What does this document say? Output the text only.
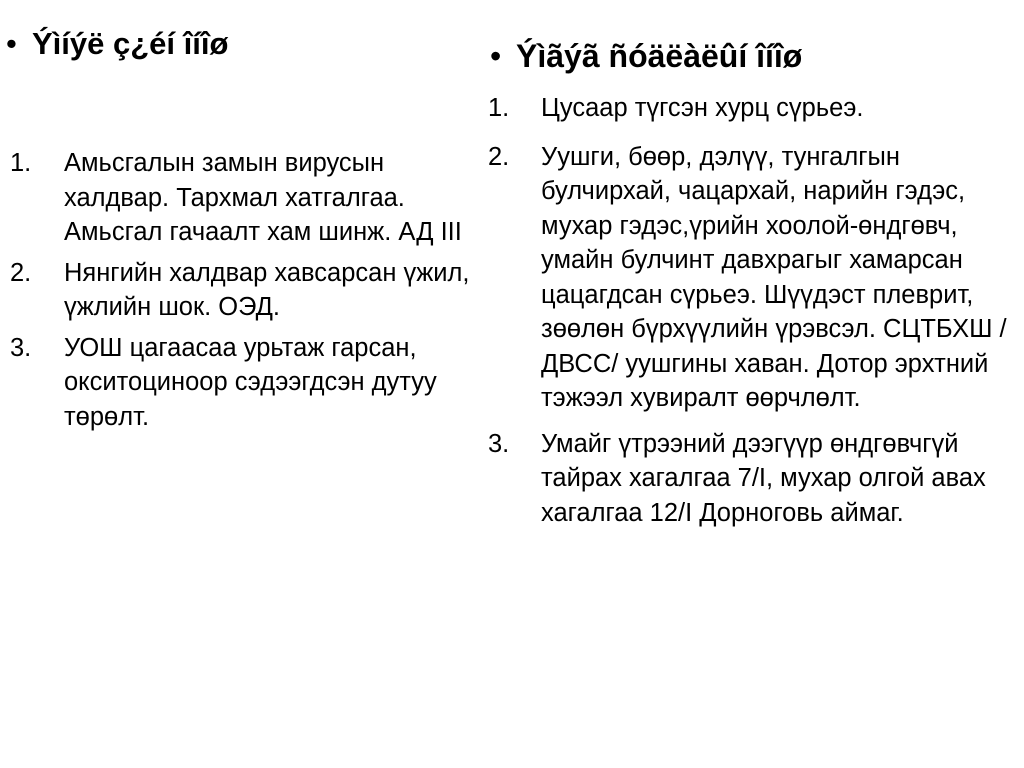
• Ýìíýë ç¿éí îíîø
1. Амьсгалын замын вирусын халдвар. Тархмал хатгалгаа. Амьсгал гачаалт хам шинж. АД III
2. Нянгийн халдвар хавсарсан үжил, үжлийн шок. ОЭД.
3. УОШ цагаасаа урьтаж гарсан, окситоциноор сэдээгдсэн дутуу төрөлт.
• Ýìãýã ñóäëàëûí îíîø
1. Цусаар түгсэн хурц сүрьеэ.
2. Уушги, бөөр, дэлүү, тунгалгын булчирхай, чацархай, нарийн гэдэс, мухар гэдэс,үрийн хоолой-өндгөвч, умайн булчинт давхрагыг хамарсан цацагдсан сүрьеэ. Шүүдэст плеврит, зөөлөн бүрхүүлийн үрэвсэл. СЦТБХШ /ДВСС/ уушгины хаван. Дотор эрхтний тэжээл хувиралт өөрчлөлт.
3. Умайг үтрээний дээгүүр өндгөвчгүй тайрах хагалгаа 7/I, мухар олгой авах хагалгаа 12/I Дорноговь аймаг.
